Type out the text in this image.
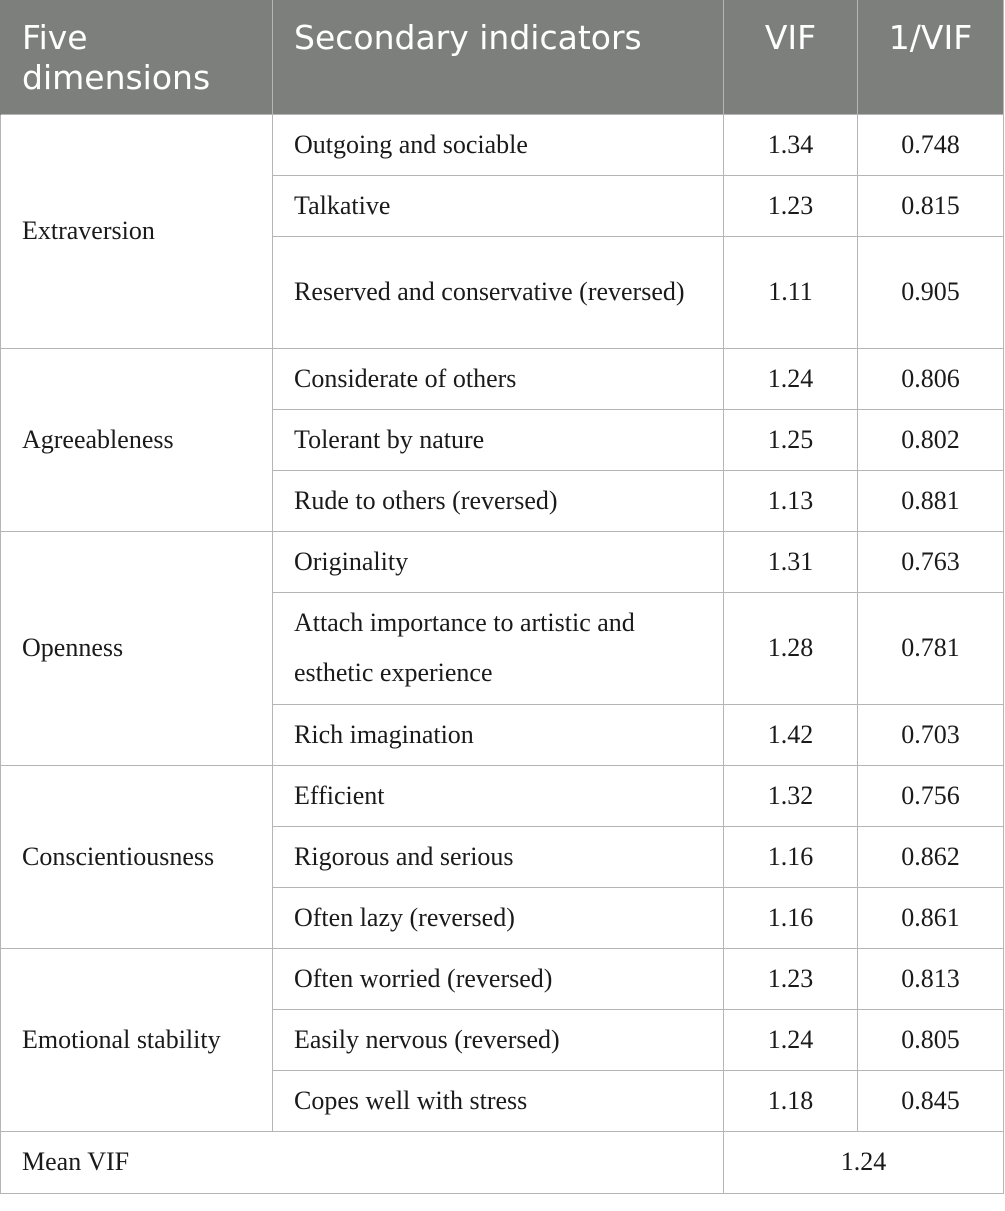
Five
dimensions	Secondary indicators	VIF	1/VIF
Extraversion	Outgoing and sociable	1.34	0.748
	Talkative	1.23	0.815
	Reserved and conservative (reversed)	1.11	0.905
Agreeableness	Considerate of others	1.24	0.806
	Tolerant by nature	1.25	0.802
	Rude to others (reversed)	1.13	0.881
Openness	Originality	1.31	0.763
	Attach importance to artistic and esthetic experience	1.28	0.781
	Rich imagination	1.42	0.703
Conscientiousness	Efficient	1.32	0.756
	Rigorous and serious	1.16	0.862
	Often lazy (reversed)	1.16	0.861
Emotional stability	Often worried (reversed)	1.23	0.813
	Easily nervous (reversed)	1.24	0.805
	Copes well with stress	1.18	0.845
Mean VIF		1.24	
